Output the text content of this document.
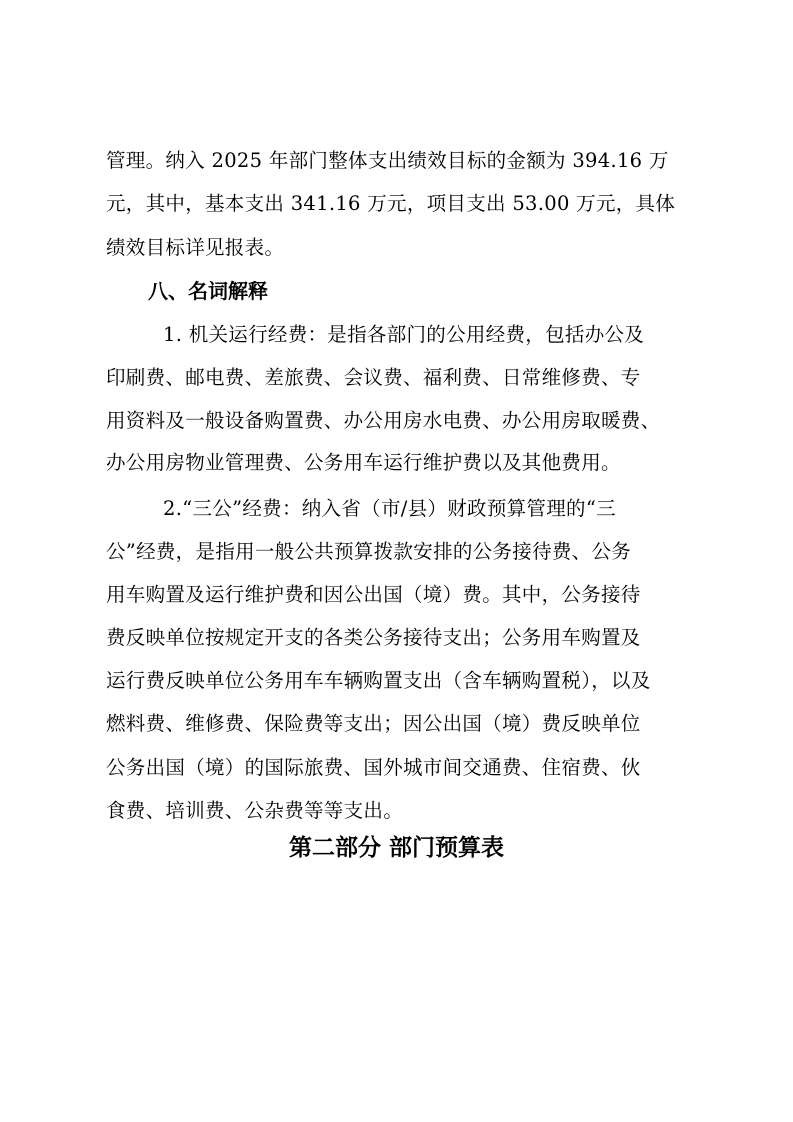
管理。纳入 2025 年部门整体支出绩效目标的金额为 394.16 万
元，其中，基本支出 341.16 万元，项目支出 53.00 万元，具体
绩效目标详见报表。
八、名词解释
1. 机关运行经费：是指各部门的公用经费，包括办公及
印刷费、邮电费、差旅费、会议费、福利费、日常维修费、专
用资料及一般设备购置费、办公用房水电费、办公用房取暖费、
办公用房物业管理费、公务用车运行维护费以及其他费用。
2.“三公”经费：纳入省（市/县）财政预算管理的“三
公”经费，是指用一般公共预算拨款安排的公务接待费、公务
用车购置及运行维护费和因公出国（境）费。其中，公务接待
费反映单位按规定开支的各类公务接待支出；公务用车购置及
运行费反映单位公务用车车辆购置支出（含车辆购置税），以及
燃料费、维修费、保险费等支出；因公出国（境）费反映单位
公务出国（境）的国际旅费、国外城市间交通费、住宿费、伙
食费、培训费、公杂费等等支出。
第二部分 部门预算表
